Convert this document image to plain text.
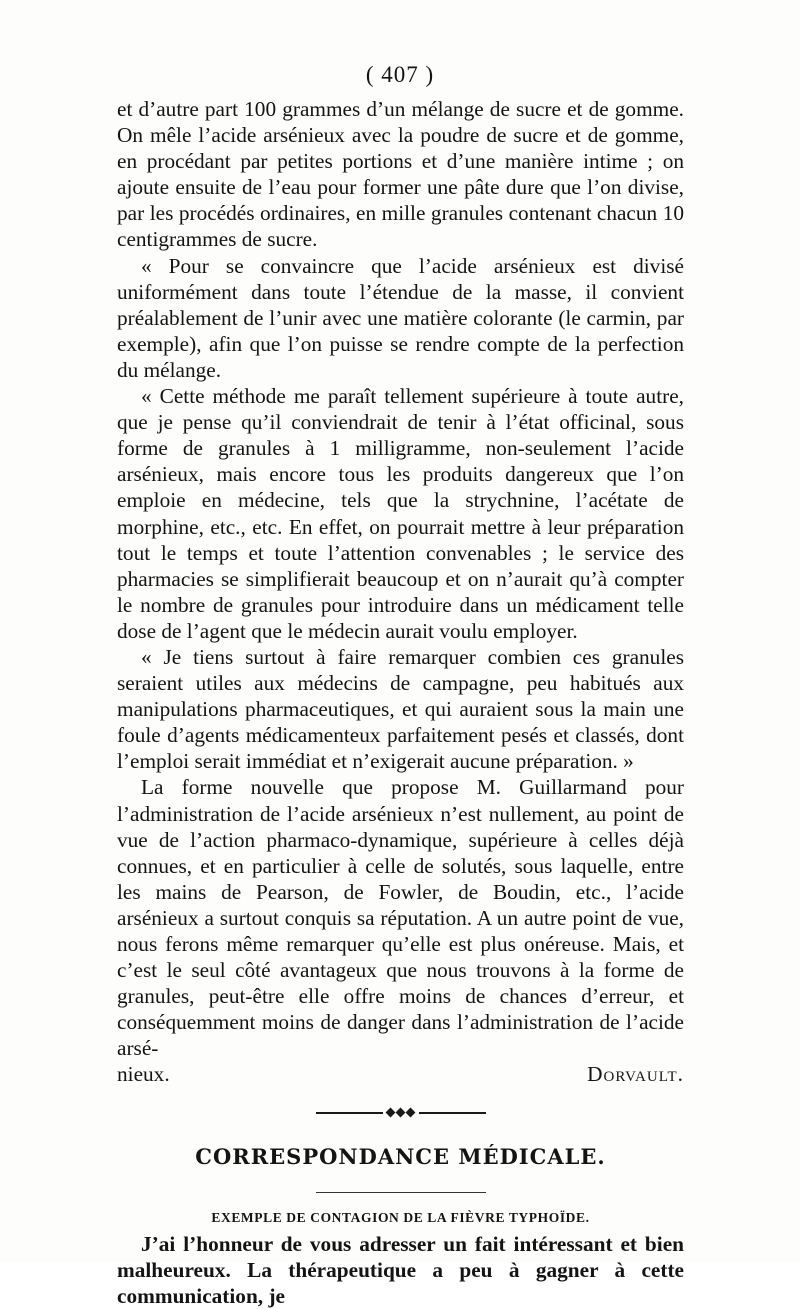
( 407 )

et d’autre part 100 grammes d’un mélange de sucre et de gomme. On mêle l’acide arsénieux avec la poudre de sucre et de gomme, en procédant par petites portions et d’une manière intime ; on ajoute ensuite de l’eau pour former une pâte dure que l’on divise, par les procédés ordinaires, en mille granules contenant chacun 10 centigrammes de sucre.

« Pour se convaincre que l’acide arsénieux est divisé uniformément dans toute l’étendue de la masse, il convient préalablement de l’unir avec une matière colorante (le carmin, par exemple), afin que l’on puisse se rendre compte de la perfection du mélange.

« Cette méthode me paraît tellement supérieure à toute autre, que je pense qu’il conviendrait de tenir à l’état officinal, sous forme de granules à 1 milligramme, non-seulement l’acide arsénieux, mais encore tous les produits dangereux que l’on emploie en médecine, tels que la strychnine, l’acétate de morphine, etc., etc. En effet, on pourrait mettre à leur préparation tout le temps et toute l’attention convenables ; le service des pharmacies se simplifierait beaucoup et on n’aurait qu’à compter le nombre de granules pour introduire dans un médicament telle dose de l’agent que le médecin aurait voulu employer.

« Je tiens surtout à faire remarquer combien ces granules seraient utiles aux médecins de campagne, peu habitués aux manipulations pharmaceutiques, et qui auraient sous la main une foule d’agents médicamenteux parfaitement pesés et classés, dont l’emploi serait immédiat et n’exigerait aucune préparation. »

La forme nouvelle que propose M. Guillarmand pour l’administration de l’acide arsénieux n’est nullement, au point de vue de l’action pharmaco-dynamique, supérieure à celles déjà connues, et en particulier à celle de solutés, sous laquelle, entre les mains de Pearson, de Fowler, de Boudin, etc., l’acide arsénieux a surtout conquis sa réputation. A un autre point de vue, nous ferons même remarquer qu’elle est plus onéreuse. Mais, et c’est le seul côté avantageux que nous trouvons à la forme de granules, peut-être elle offre moins de chances d’erreur, et conséquemment moins de danger dans l’administration de l’acide arsé-

nieux.	Dorvault.
CORRESPONDANCE MÉDICALE.
EXEMPLE DE CONTAGION DE LA FIÈVRE TYPHOÏDE.

J’ai l’honneur de vous adresser un fait intéressant et bien malheureux. La thérapeutique a peu à gagner à cette communication, je
